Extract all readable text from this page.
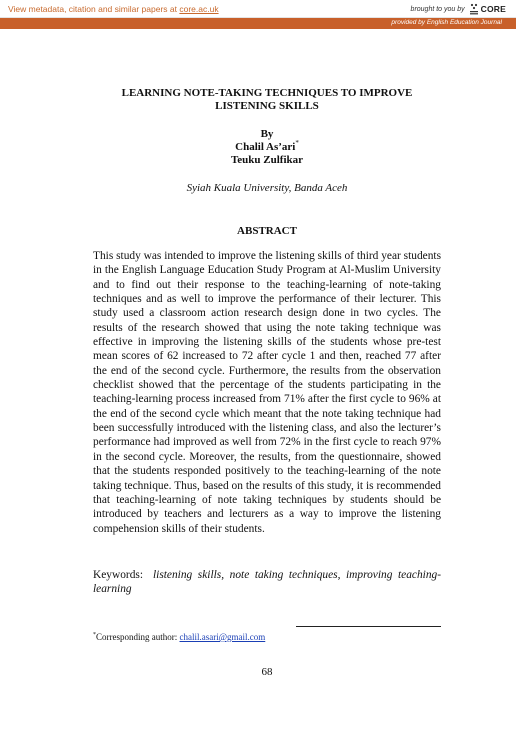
View metadata, citation and similar papers at core.ac.uk	brought to you by CORE
provided by English Education Journal
LEARNING NOTE-TAKING TECHNIQUES TO IMPROVE
LISTENING SKILLS
By
Chalil As’ari*
Teuku Zulfikar
Syiah Kuala University, Banda Aceh
ABSTRACT
This study was intended to improve the listening skills of third year students in the English Language Education Study Program at Al-Muslim University and to find out their response to the teaching-learning of note-taking techniques and as well to improve the performance of their lecturer. This study used a classroom action research design done in two cycles. The results of the research showed that using the note taking technique was effective in improving the listening skills of the students whose pre-test mean scores of 62 increased to 72 after cycle 1 and then, reached 77 after the end of the second cycle. Furthermore, the results from the observation checklist showed that the percentage of the students participating in the teaching-learning process increased from 71% after the first cycle to 96% at the end of the second cycle which meant that the note taking technique had been successfully introduced with the listening class, and also the lecturer’s performance had improved as well from 72% in the first cycle to reach 97% in the second cycle. Moreover, the results, from the questionnaire, showed that the students responded positively to the teaching-learning of the note taking technique. Thus, based on the results of this study, it is recommended that teaching-learning of note taking techniques by students should be introduced by teachers and lecturers as a way to improve the listening compehension skills of their students.
Keywords: listening skills, note taking techniques, improving teaching-learning
*Corresponding author: chalil.asari@gmail.com
68
